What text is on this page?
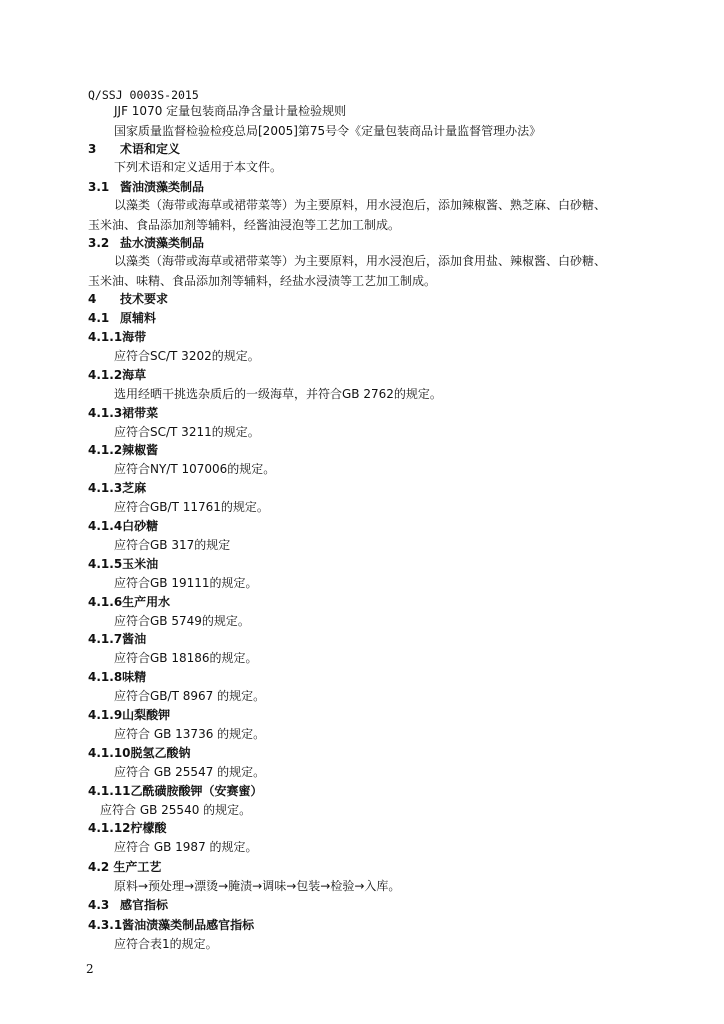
Q/SSJ 0003S-2015
JJF 1070 定量包装商品净含量计量检验规则
国家质量监督检验检疫总局[2005]第75号令《定量包装商品计量监督管理办法》
3 术语和定义
下列术语和定义适用于本文件。
3.1 酱油渍藻类制品
以藻类（海带或海草或裙带菜等）为主要原料，用水浸泡后，添加辣椒酱、熟芝麻、白砂糖、
玉米油、食品添加剂等辅料，经酱油浸泡等工艺加工制成。
3.2 盐水渍藻类制品
以藻类（海带或海草或裙带菜等）为主要原料，用水浸泡后，添加食用盐、辣椒酱、白砂糖、
玉米油、味精、食品添加剂等辅料，经盐水浸渍等工艺加工制成。
4 技术要求
4.1 原辅料
4.1.1海带
应符合SC/T 3202的规定。
4.1.2海草
选用经晒干挑选杂质后的一级海草，并符合GB 2762的规定。
4.1.3裙带菜
应符合SC/T 3211的规定。
4.1.2辣椒酱
应符合NY/T 107006的规定。
4.1.3芝麻
应符合GB/T 11761的规定。
4.1.4白砂糖
应符合GB 317的规定
4.1.5玉米油
应符合GB 19111的规定。
4.1.6生产用水
应符合GB 5749的规定。
4.1.7酱油
应符合GB 18186的规定。
4.1.8味精
应符合GB/T 8967 的规定。
4.1.9山梨酸钾
应符合 GB 13736 的规定。
4.1.10脱氢乙酸钠
应符合 GB 25547 的规定。
4.1.11乙酰磺胺酸钾（安赛蜜）
应符合 GB 25540 的规定。
4.1.12柠檬酸
应符合 GB 1987 的规定。
4.2 生产工艺
原料→预处理→漂烫→腌渍→调味→包装→检验→入库。
4.3 感官指标
4.3.1酱油渍藻类制品感官指标
应符合表1的规定。
2
